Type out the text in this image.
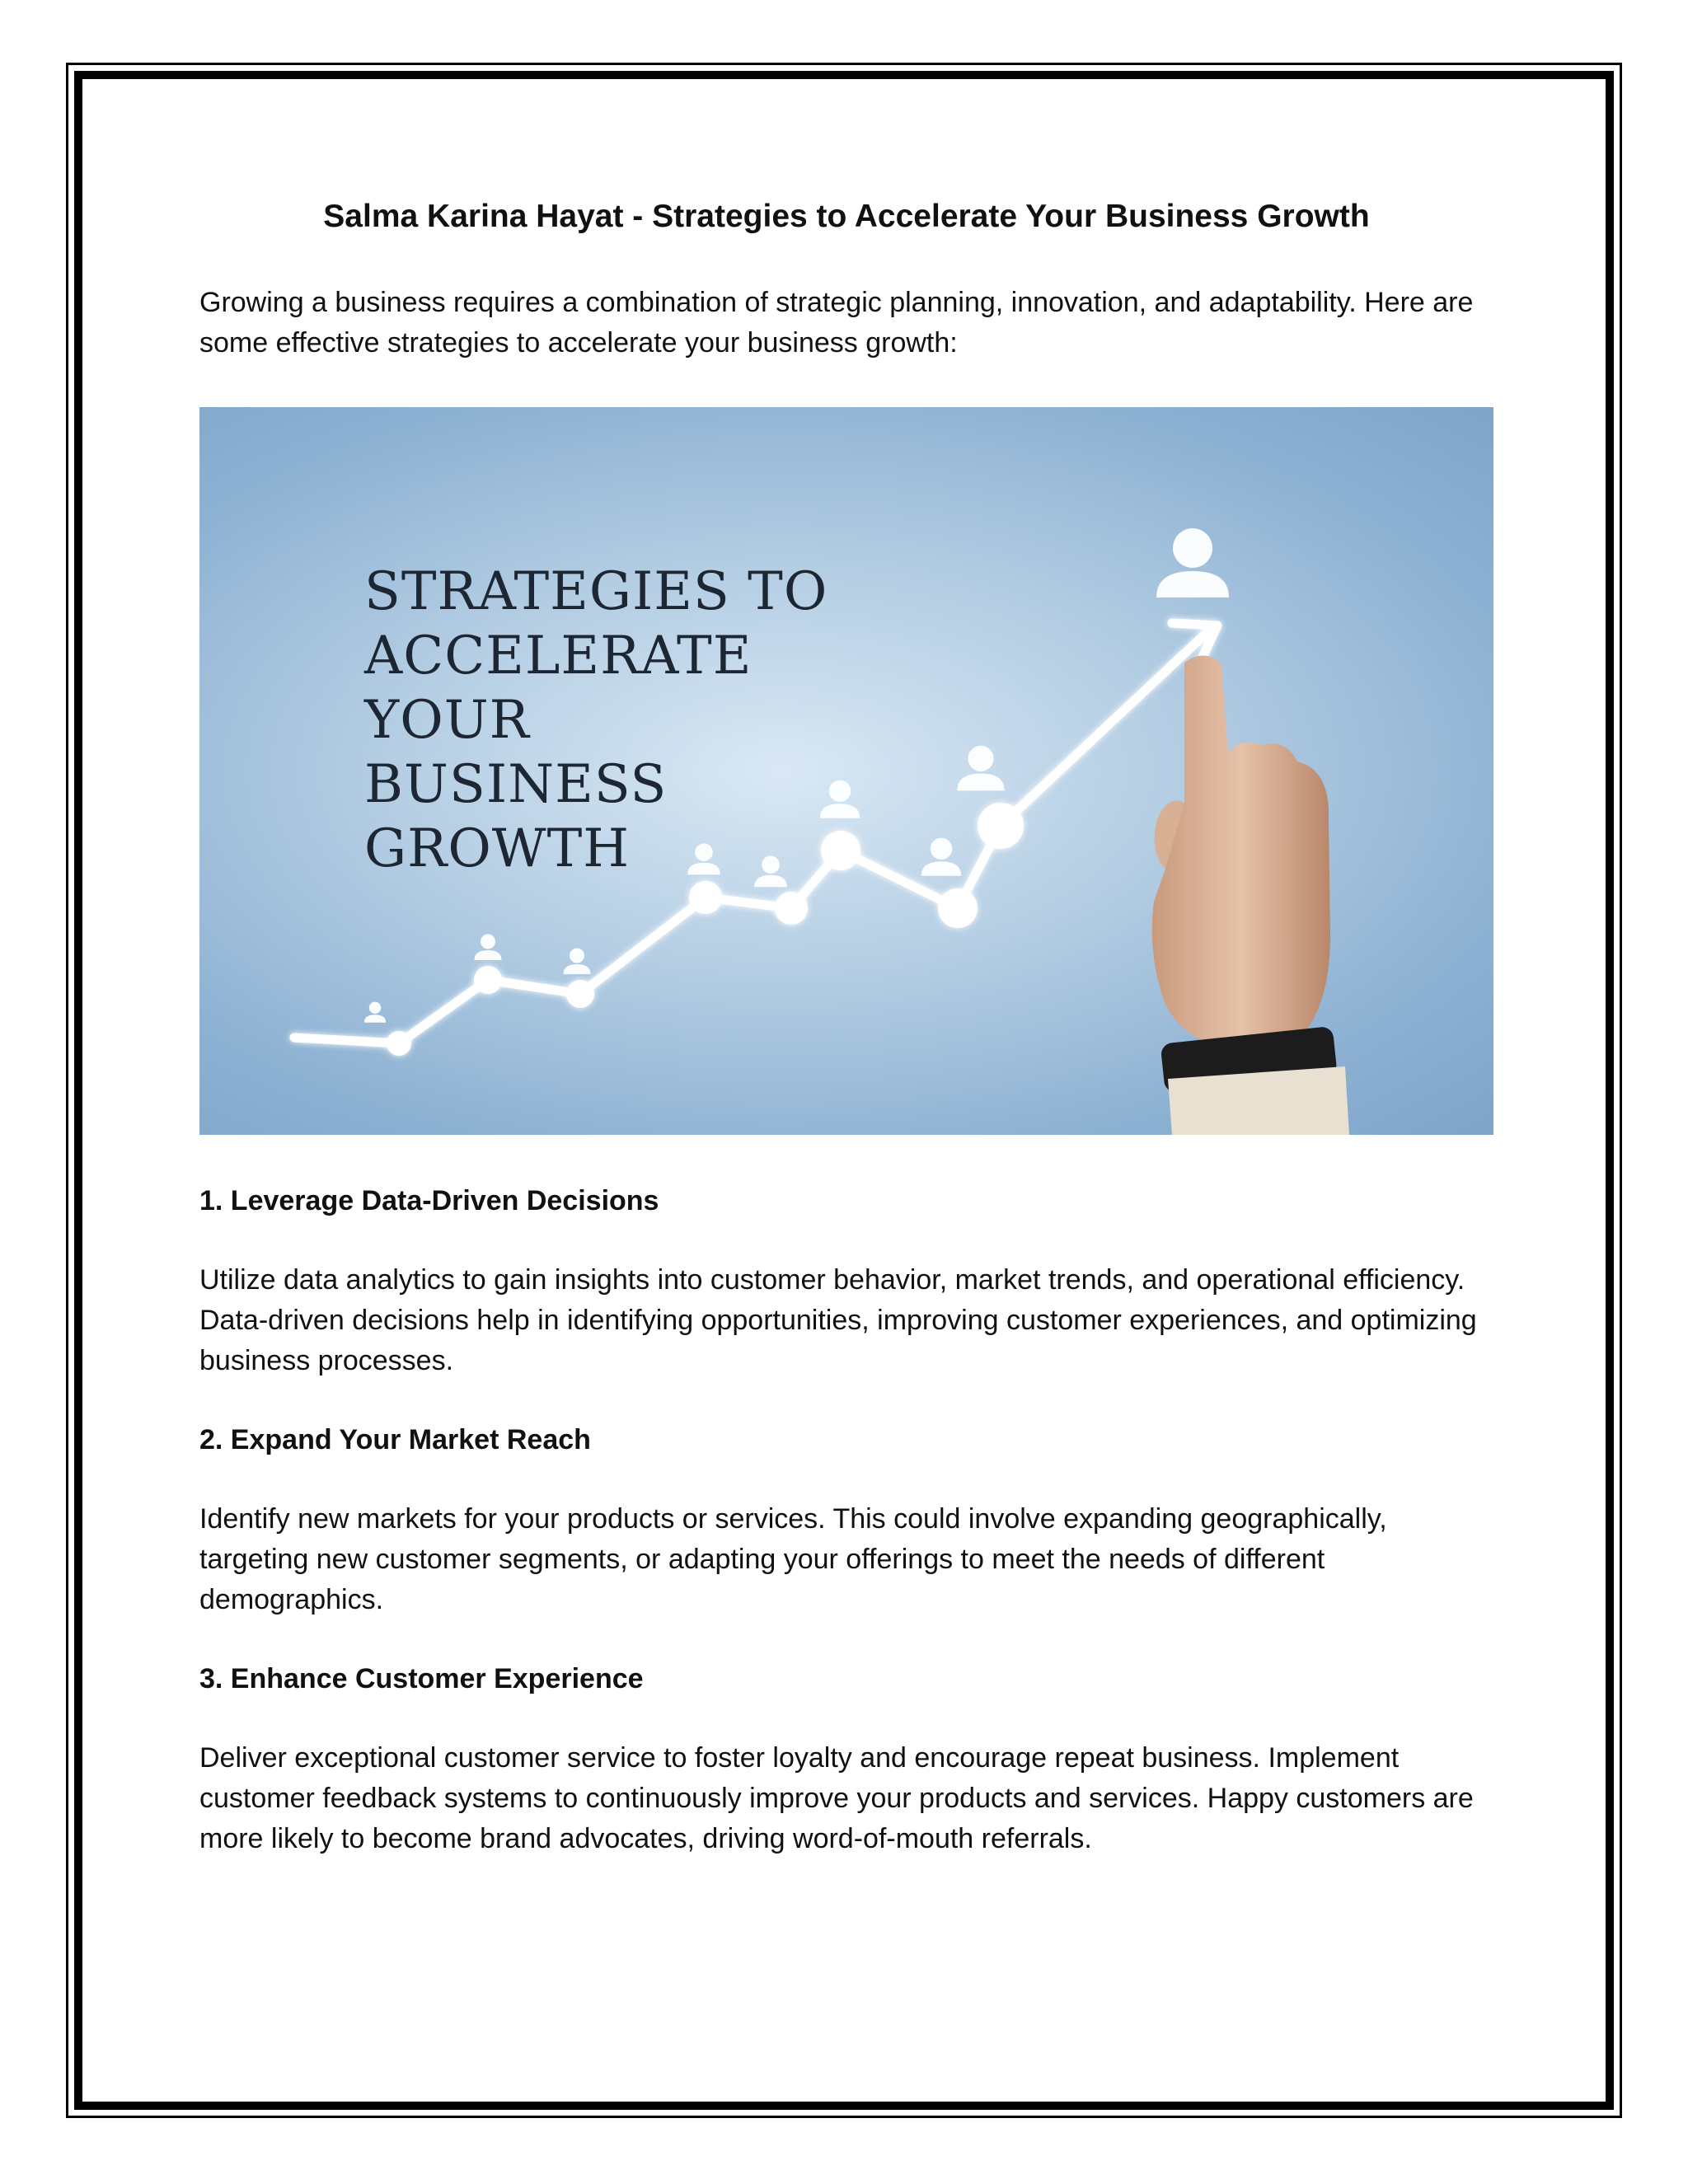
Salma Karina Hayat - Strategies to Accelerate Your Business Growth

Growing a business requires a combination of strategic planning, innovation, and adaptability. Here are some effective strategies to accelerate your business growth:

STRATEGIES TO
ACCELERATE YOUR
BUSINESS GROWTH
1. Leverage Data-Driven Decisions

Utilize data analytics to gain insights into customer behavior, market trends, and operational efficiency. Data-driven decisions help in identifying opportunities, improving customer experiences, and optimizing business processes.

2. Expand Your Market Reach

Identify new markets for your products or services. This could involve expanding geographically, targeting new customer segments, or adapting your offerings to meet the needs of different demographics.

3. Enhance Customer Experience

Deliver exceptional customer service to foster loyalty and encourage repeat business. Implement customer feedback systems to continuously improve your products and services. Happy customers are more likely to become brand advocates, driving word-of-mouth referrals.
